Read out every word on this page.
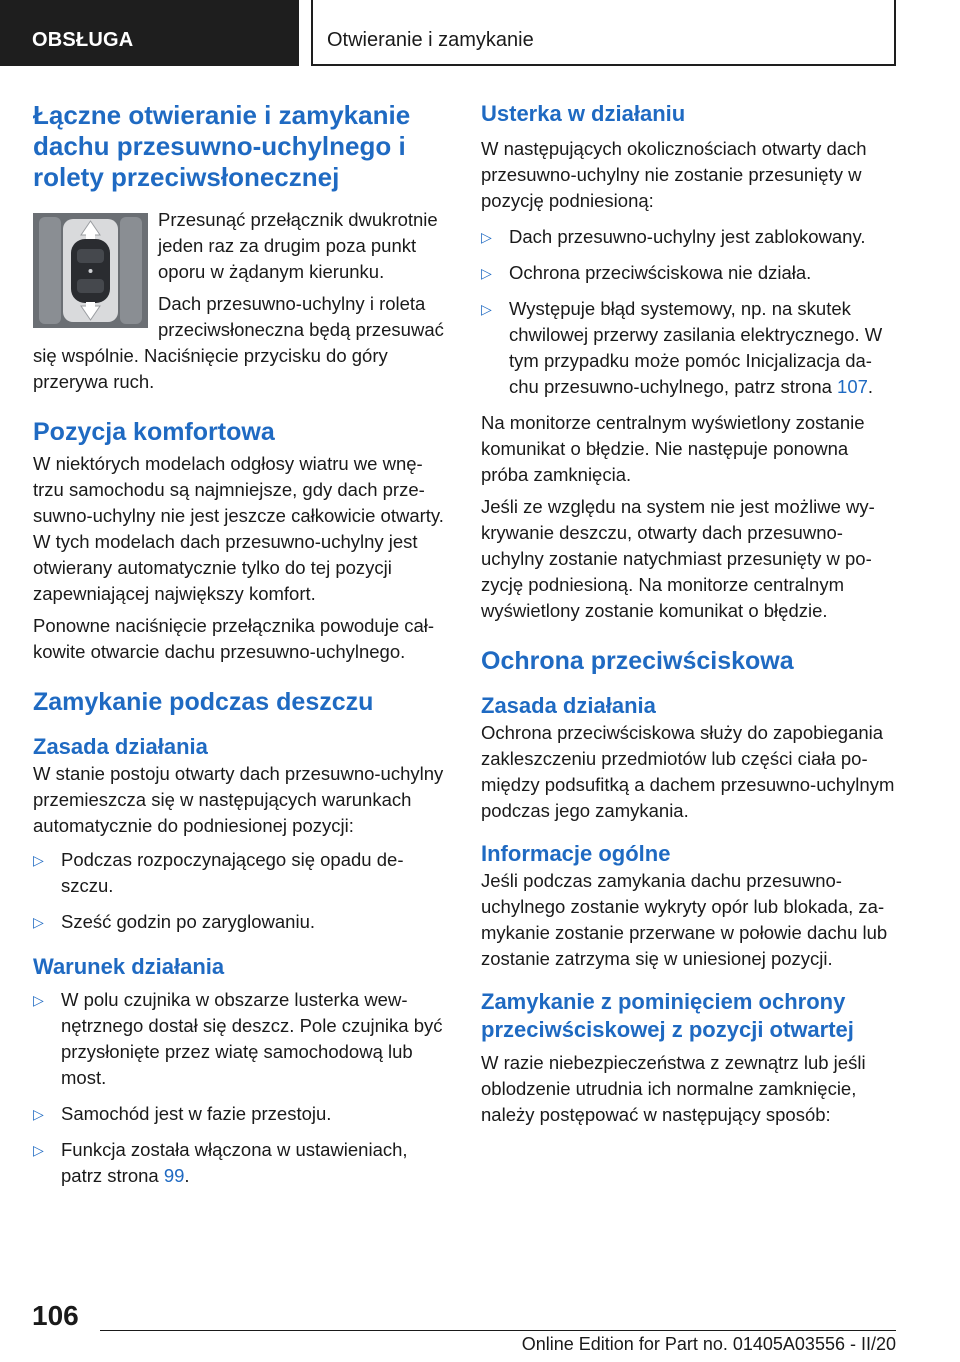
OBSŁUGA	Otwieranie i zamykanie
Łączne otwieranie i zamykanie dachu przesuwno-uchylnego i rolety przeciwsłonecznej

Przesunąć przełącznik dwukrotnie jeden raz za drugim poza punkt oporu w żądanym kierunku.

Dach przesuwno-uchylny i roleta przeciwsłoneczna będą przesuwać się wspólnie. Naciśnięcie przycisku do góry przerywa ruch.

Pozycja komfortowa

W niektórych modelach odgłosy wiatru we wnętrzu samochodu są najmniejsze, gdy dach przesuwno-uchylny nie jest jeszcze całkowicie otwarty. W tych modelach dach przesuwno-uchylny jest otwierany automatycznie tylko do tej pozycji zapewniającej największy komfort.

Ponowne naciśnięcie przełącznika powoduje całkowite otwarcie dachu przesuwno-uchylnego.

Zamykanie podczas deszczu
Zasada działania

W stanie postoju otwarty dach przesuwno-uchylny przemieszcza się w następujących warunkach automatycznie do podniesionej pozycji:

▷ Podczas rozpoczynającego się opadu deszczu.
▷ Sześć godzin po zaryglowaniu.
Warunek działania
▷ W polu czujnika w obszarze lusterka wewnętrznego dostał się deszcz. Pole czujnika być przysłonięte przez wiatę samochodową lub most.
▷ Samochód jest w fazie przestoju.
▷ Funkcja została włączona w ustawieniach, patrz strona 99.
Usterka w działaniu

W następujących okolicznościach otwarty dach przesuwno-uchylny nie zostanie przesunięty w pozycję podniesioną:

▷ Dach przesuwno-uchylny jest zablokowany.
▷ Ochrona przeciwściskowa nie działa.
▷ Występuje błąd systemowy, np. na skutek chwilowej przerwy zasilania elektrycznego. W tym przypadku może pomóc Inicjalizacja dachu przesuwno-uchylnego, patrz strona 107.

Na monitorze centralnym wyświetlony zostanie komunikat o błędzie. Nie następuje ponowna próba zamknięcia.

Jeśli ze względu na system nie jest możliwe wykrywanie deszczu, otwarty dach przesuwno-uchylny zostanie natychmiast przesunięty w pozycję podniesioną. Na monitorze centralnym wyświetlony zostanie komunikat o błędzie.

Ochrona przeciwściskowa
Zasada działania

Ochrona przeciwściskowa służy do zapobiegania zakleszczeniu przedmiotów lub części ciała pomiędzy podsufitką a dachem przesuwno-uchylnym podczas jego zamykania.

Informacje ogólne

Jeśli podczas zamykania dachu przesuwno-uchylnego zostanie wykryty opór lub blokada, zamykanie zostanie przerwane w połowie dachu lub zostanie zatrzyma się w uniesionej pozycji.

Zamykanie z pominięciem ochrony przeciwściskowej z pozycji otwartej

W razie niebezpieczeństwa z zewnątrz lub jeśli oblodzenie utrudnia ich normalne zamknięcie, należy postępować w następujący sposób:

106
Online Edition for Part no. 01405A03556 - II/20
